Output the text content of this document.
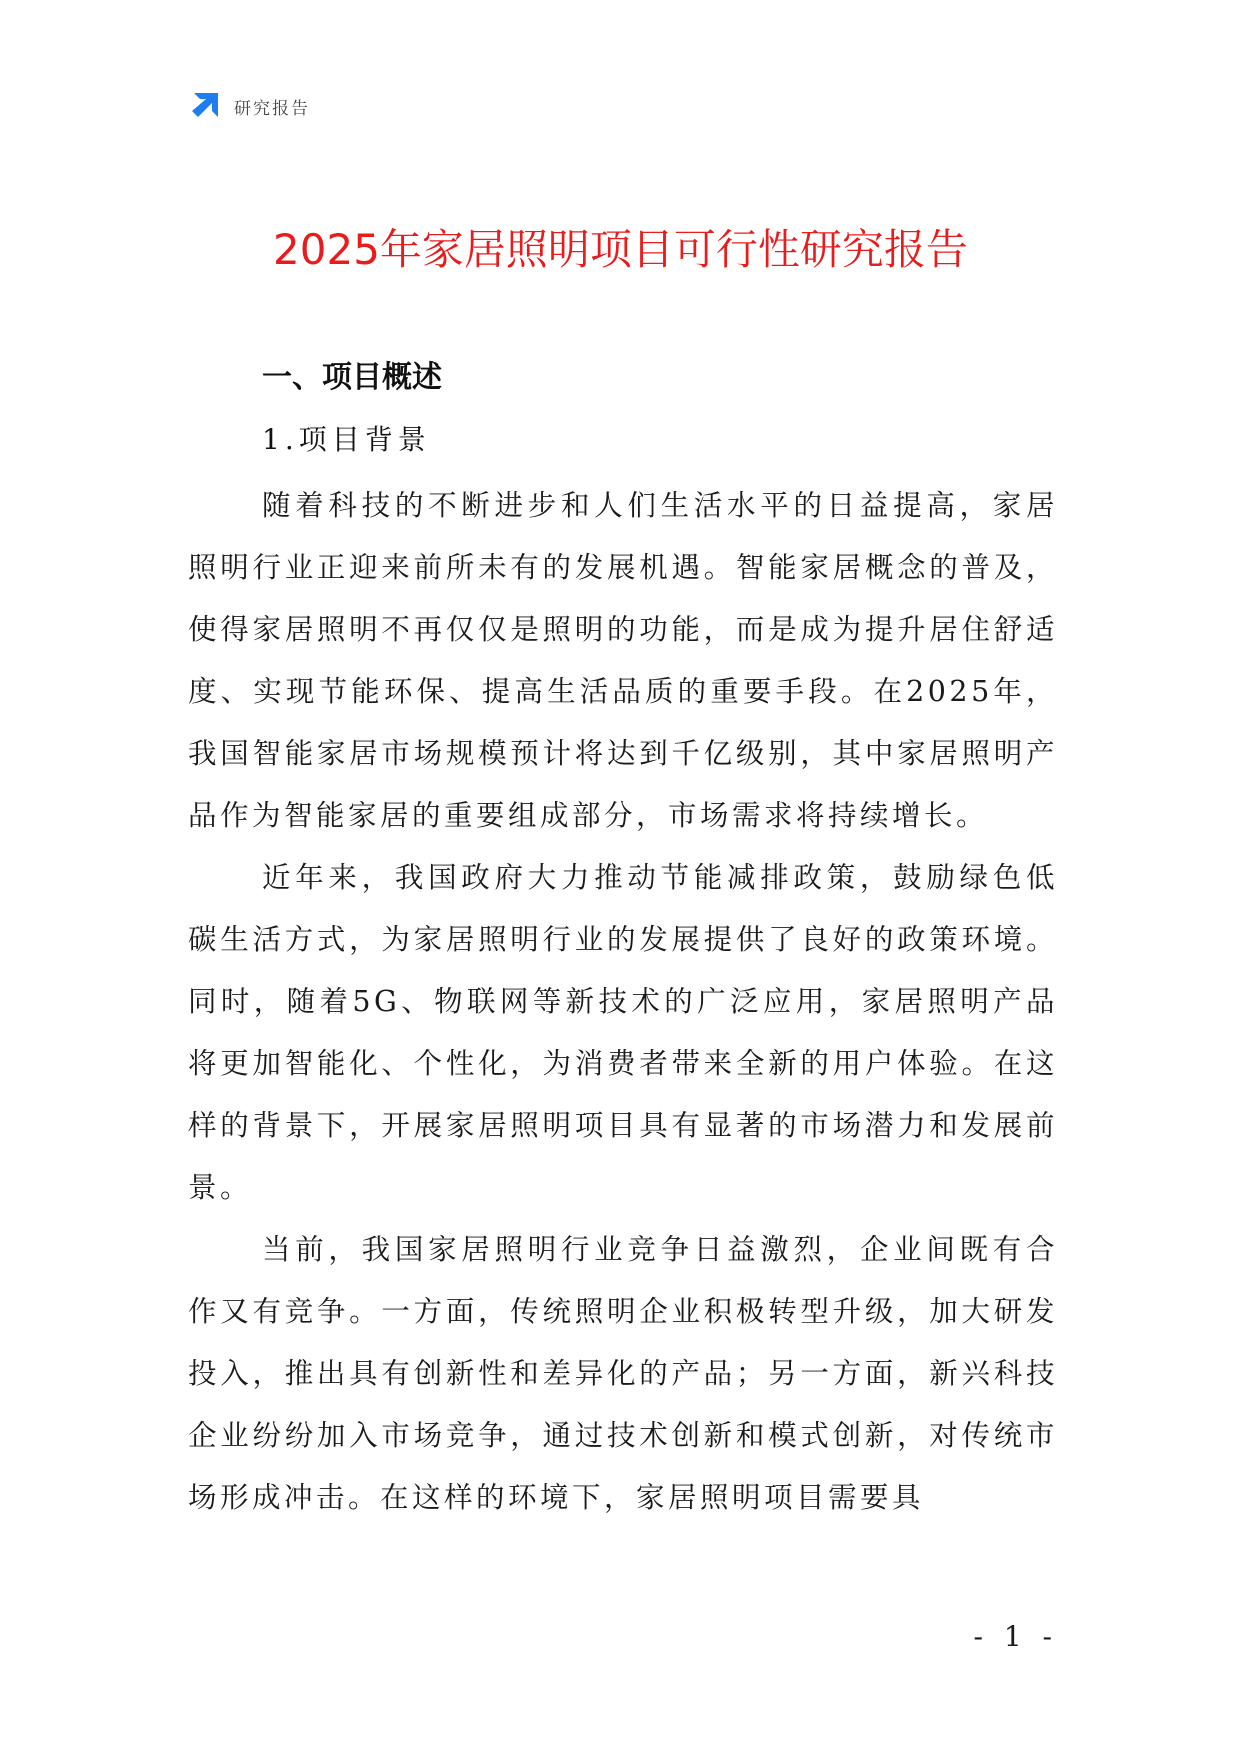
研究报告
2025年家居照明项目可行性研究报告
一、项目概述
1.项目背景

随着科技的不断进步和人们生活水平的日益提高，家居照明行业正迎来前所未有的发展机遇。智能家居概念的普及，使得家居照明不再仅仅是照明的功能，而是成为提升居住舒适度、实现节能环保、提高生活品质的重要手段。在2025年，我国智能家居市场规模预计将达到千亿级别，其中家居照明产品作为智能家居的重要组成部分，市场需求将持续增长。

近年来，我国政府大力推动节能减排政策，鼓励绿色低碳生活方式，为家居照明行业的发展提供了良好的政策环境。同时，随着5G、物联网等新技术的广泛应用，家居照明产品将更加智能化、个性化，为消费者带来全新的用户体验。在这样的背景下，开展家居照明项目具有显著的市场潜力和发展前景。

当前，我国家居照明行业竞争日益激烈，企业间既有合作又有竞争。一方面，传统照明企业积极转型升级，加大研发投入，推出具有创新性和差异化的产品；另一方面，新兴科技企业纷纷加入市场竞争，通过技术创新和模式创新，对传统市场形成冲击。在这样的环境下，家居照明项目需要具

- 1 -
